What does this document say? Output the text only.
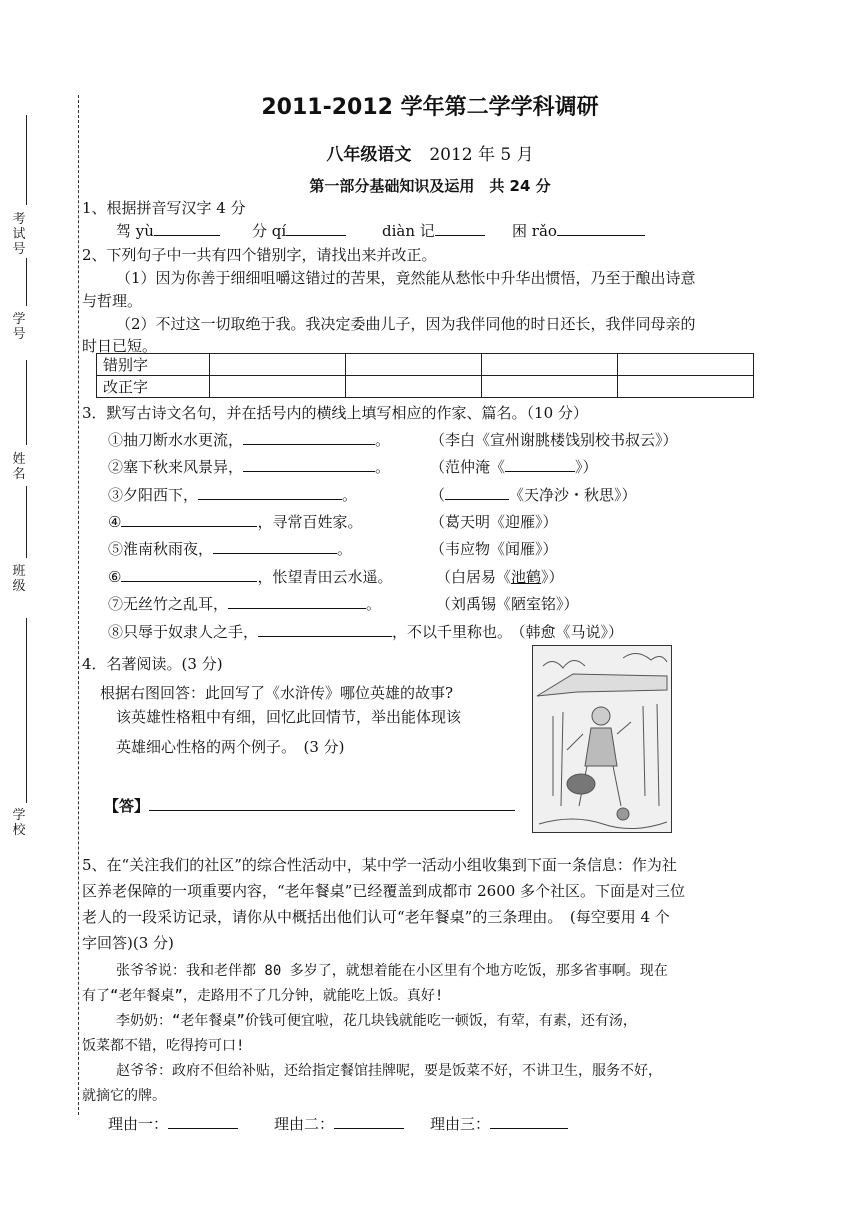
考试号
学号
姓名
班级
学校
2011-2012 学年第二学学科调研
八年级语文 2012 年 5 月
第一部分基础知识及运用　共 24 分
1、根据拼音写汉字 4 分
驾 yù	分 qí	diàn 记	困 rǎo
2、下列句子中一共有四个错别字，请找出来并改正。
（1）因为你善于细细咀嚼这错过的苦果，竟然能从愁怅中升华出惯悟，乃至于酿出诗意
与哲理。
（2）不过这一切取绝于我。我决定委曲儿子，因为我伴同他的时日还长，我伴同母亲的
时日已短。
错别字				
改正字				
3．默写古诗文名句，并在括号内的横线上填写相应的作家、篇名。（10 分）
①抽刀断水水更流，	。	（李白《宣州谢朓楼饯别校书叔云》）
②塞下秋来风景异，	。	（范仲淹《	》）
③夕阳西下，	。	（	《天净沙・秋思》）
④	，寻常百姓家。	（葛天明《迎雁》）
⑤淮南秋雨夜，	。	（韦应物《闻雁》）
⑥	，怅望青田云水遥。	（白居易《池鹤》）
⑦无丝竹之乱耳，	。	（刘禹锡《陋室铭》）
⑧只辱于奴隶人之手，	，不以千里称也。 （韩愈《马说》）
4．名著阅读。(3 分)
根据右图回答：此回写了《水浒传》哪位英雄的故事?
该英雄性格粗中有细，回忆此回情节，举出能体现该
英雄细心性格的两个例子。　(3 分)
【答】
5、在“关注我们的社区”的综合性活动中，某中学一活动小组收集到下面一条信息：作为社
区养老保障的一项重要内容，“老年餐桌”已经覆盖到成都市 2600 多个社区。下面是对三位
老人的一段采访记录，请你从中概括出他们认可“老年餐桌”的三条理由。　(每空要用 4 个
字回答)(3 分)
张爷爷说：我和老伴都 80 多岁了，就想着能在小区里有个地方吃饭，那多省事啊。现在
有了“老年餐桌”，走路用不了几分钟，就能吃上饭。真好!
李奶奶：“老年餐桌”价钱可便宜啦，花几块钱就能吃一顿饭，有荤，有素，还有汤，
饭菜都不错，吃得挎可口!
赵爷爷：政府不但给补贴，还给指定餐馆挂牌呢，要是饭菜不好，不讲卫生，服务不好，
就摘它的牌。
理由一：	理由二：	理由三：
